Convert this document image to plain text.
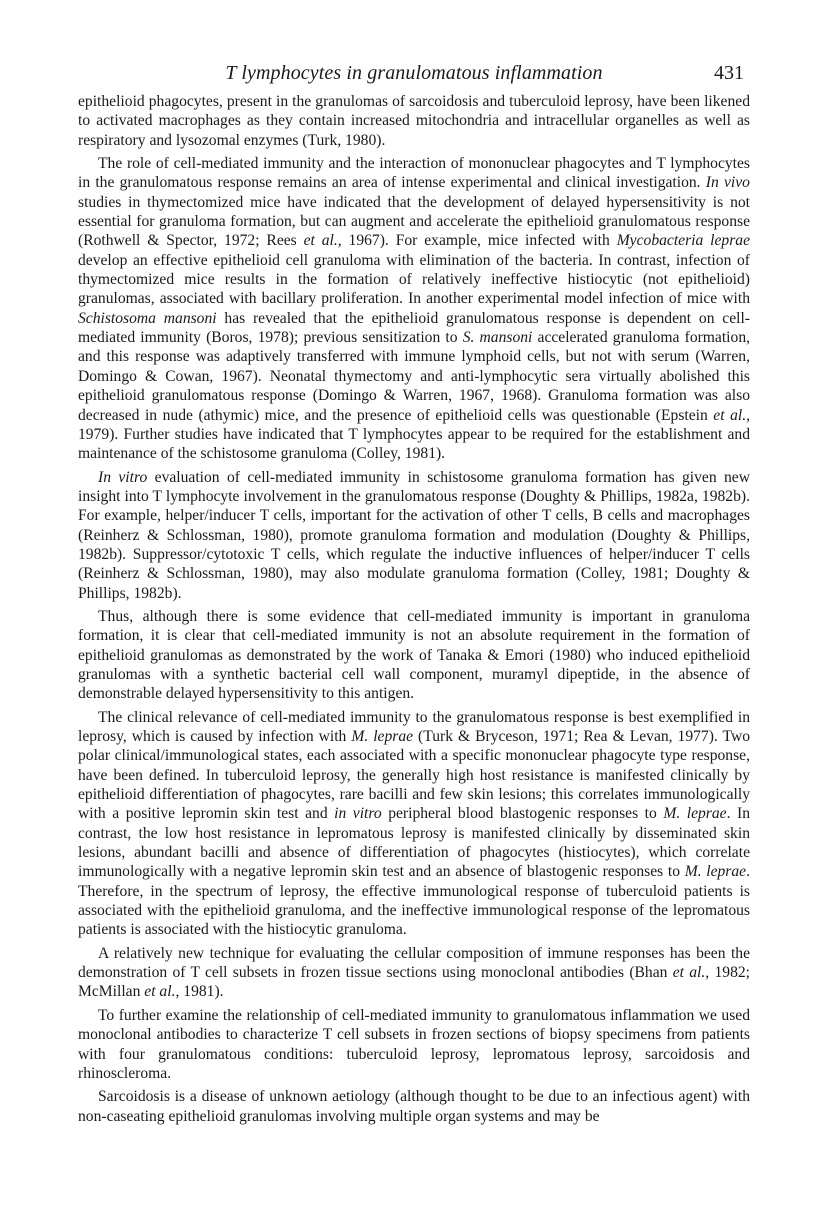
T lymphocytes in granulomatous inflammation	431

epithelioid phagocytes, present in the granulomas of sarcoidosis and tuberculoid leprosy, have been likened to activated macrophages as they contain increased mitochondria and intracellular organelles as well as respiratory and lysozomal enzymes (Turk, 1980).

The role of cell-mediated immunity and the interaction of mononuclear phagocytes and T lymphocytes in the granulomatous response remains an area of intense experimental and clinical investigation. In vivo studies in thymectomized mice have indicated that the development of delayed hypersensitivity is not essential for granuloma formation, but can augment and accelerate the epithelioid granulomatous response (Rothwell & Spector, 1972; Rees et al., 1967). For example, mice infected with Mycobacteria leprae develop an effective epithelioid cell granuloma with elimination of the bacteria. In contrast, infection of thymectomized mice results in the formation of relatively ineffective histiocytic (not epithelioid) granulomas, associated with bacillary proliferation. In another experimental model infection of mice with Schistosoma mansoni has revealed that the epithelioid granulomatous response is dependent on cell-mediated immunity (Boros, 1978); previous sensitization to S. mansoni accelerated granuloma formation, and this response was adaptively transferred with immune lymphoid cells, but not with serum (Warren, Domingo & Cowan, 1967). Neonatal thymectomy and anti-lymphocytic sera virtually abolished this epithelioid granulomatous response (Domingo & Warren, 1967, 1968). Granuloma formation was also decreased in nude (athymic) mice, and the presence of epithelioid cells was questionable (Epstein et al., 1979). Further studies have indicated that T lymphocytes appear to be required for the establishment and maintenance of the schistosome granuloma (Colley, 1981).

In vitro evaluation of cell-mediated immunity in schistosome granuloma formation has given new insight into T lymphocyte involvement in the granulomatous response (Doughty & Phillips, 1982a, 1982b). For example, helper/inducer T cells, important for the activation of other T cells, B cells and macrophages (Reinherz & Schlossman, 1980), promote granuloma formation and modulation (Doughty & Phillips, 1982b). Suppressor/cytotoxic T cells, which regulate the inductive influences of helper/inducer T cells (Reinherz & Schlossman, 1980), may also modulate granuloma formation (Colley, 1981; Doughty & Phillips, 1982b).

Thus, although there is some evidence that cell-mediated immunity is important in granuloma formation, it is clear that cell-mediated immunity is not an absolute requirement in the formation of epithelioid granulomas as demonstrated by the work of Tanaka & Emori (1980) who induced epithelioid granulomas with a synthetic bacterial cell wall component, muramyl dipeptide, in the absence of demonstrable delayed hypersensitivity to this antigen.

The clinical relevance of cell-mediated immunity to the granulomatous response is best exemplified in leprosy, which is caused by infection with M. leprae (Turk & Bryceson, 1971; Rea & Levan, 1977). Two polar clinical/immunological states, each associated with a specific mononuclear phagocyte type response, have been defined. In tuberculoid leprosy, the generally high host resistance is manifested clinically by epithelioid differentiation of phagocytes, rare bacilli and few skin lesions; this correlates immunologically with a positive lepromin skin test and in vitro peripheral blood blastogenic responses to M. leprae. In contrast, the low host resistance in lepromatous leprosy is manifested clinically by disseminated skin lesions, abundant bacilli and absence of differentiation of phagocytes (histiocytes), which correlate immunologically with a negative lepromin skin test and an absence of blastogenic responses to M. leprae. Therefore, in the spectrum of leprosy, the effective immunological response of tuberculoid patients is associated with the epithelioid granuloma, and the ineffective immunological response of the lepromatous patients is associated with the histiocytic granuloma.

A relatively new technique for evaluating the cellular composition of immune responses has been the demonstration of T cell subsets in frozen tissue sections using monoclonal antibodies (Bhan et al., 1982; McMillan et al., 1981).

To further examine the relationship of cell-mediated immunity to granulomatous inflammation we used monoclonal antibodies to characterize T cell subsets in frozen sections of biopsy specimens from patients with four granulomatous conditions: tuberculoid leprosy, lepromatous leprosy, sarcoidosis and rhinoscleroma.

Sarcoidosis is a disease of unknown aetiology (although thought to be due to an infectious agent) with non-caseating epithelioid granulomas involving multiple organ systems and may be
